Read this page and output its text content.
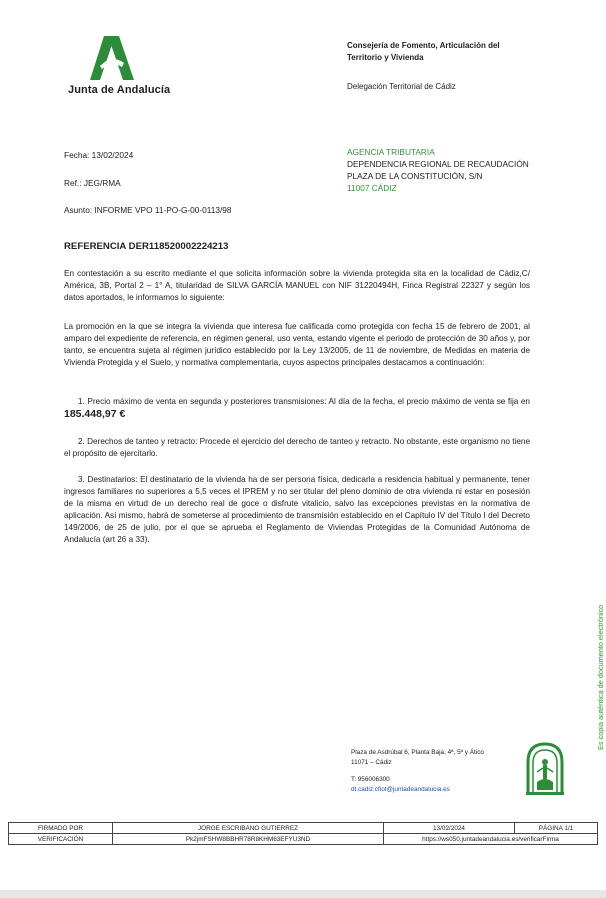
Junta de Andalucía
Consejería de Fomento, Articulación del
Territorio y Vivienda
Delegación Territorial de Cádiz
Fecha: 13/02/2024
Ref.: JEG/RMA
Asunto: INFORME VPO 11-PO-G-00-0113/98
AGENCIA TRIBUTARIA
DEPENDENCIA REGIONAL DE RECAUDACIÓN
PLAZA DE LA CONSTITUCIÓN, S/N
11007 CÁDIZ
REFERENCIA DER118520002224213
En contestación a su escrito mediante el que solicita información sobre la vivienda protegida sita en la localidad de Cádiz,C/ América, 3B, Portal 2 – 1° A, titularidad de SILVA GARCÍA MANUEL con NIF 31220494H, Finca Registral 22327 y según los datos aportados, le informamos lo siguiente:
La promoción en la que se integra la vivienda que interesa fue calificada como protegida con fecha 15 de febrero de 2001, al amparo del expediente de referencia, en régimen general, uso venta, estando vigente el periodo de protección de 30 años y, por tanto, se encuentra sujeta al régimen jurídico establecido por la Ley 13/2005, de 11 de noviembre, de Medidas en materia de Vivienda Protegida y el Suelo, y normativa complementaria, cuyos aspectos principales destacamos a continuación:
1. Precio máximo de venta en segunda y posteriores transmisiones: Al día de la fecha, el precio máximo de venta se fija en 185.448,97 €
2. Derechos de tanteo y retracto: Procede el ejercicio del derecho de tanteo y retracto. No obstante, este organismo no tiene el propósito de ejercitarlo.
3. Destinatarios: El destinatario de la vivienda ha de ser persona física, dedicarla a residencia habitual y permanente, tener ingresos familiares no superiores a 5,5 veces el IPREM y no ser titular del pleno dominio de otra vivienda ni estar en posesión de la misma en virtud de un derecho real de goce o disfrute vitalicio, salvo las excepciones previstas en la normativa de aplicación. Así mismo, habrá de someterse al procedimiento de transmisión establecido en el Capítulo IV del Título I del Decreto 149/2006, de 25 de julio, por el que se aprueba el Reglamento de Viviendas Protegidas de la Comunidad Autónoma de Andalucía (art 26 a 33).
Es copia auténtica de documento electrónico
Plaza de Asdrúbal 6, Planta Baja, 4ª, 5ª y Ático
11071 – Cádiz
T: 956006300
dt.cadiz.cfiot@juntadeandalucia.es
FIRMADO POR	JORGE ESCRIBANO GUTIERREZ	13/02/2024	PÁGINA 1/1
VERIFICACIÓN	Pk2jmFSHW8BBHR78R8KHM63EFYU3ND	https://ws050.juntadeandalucia.es/verificarFirma	
